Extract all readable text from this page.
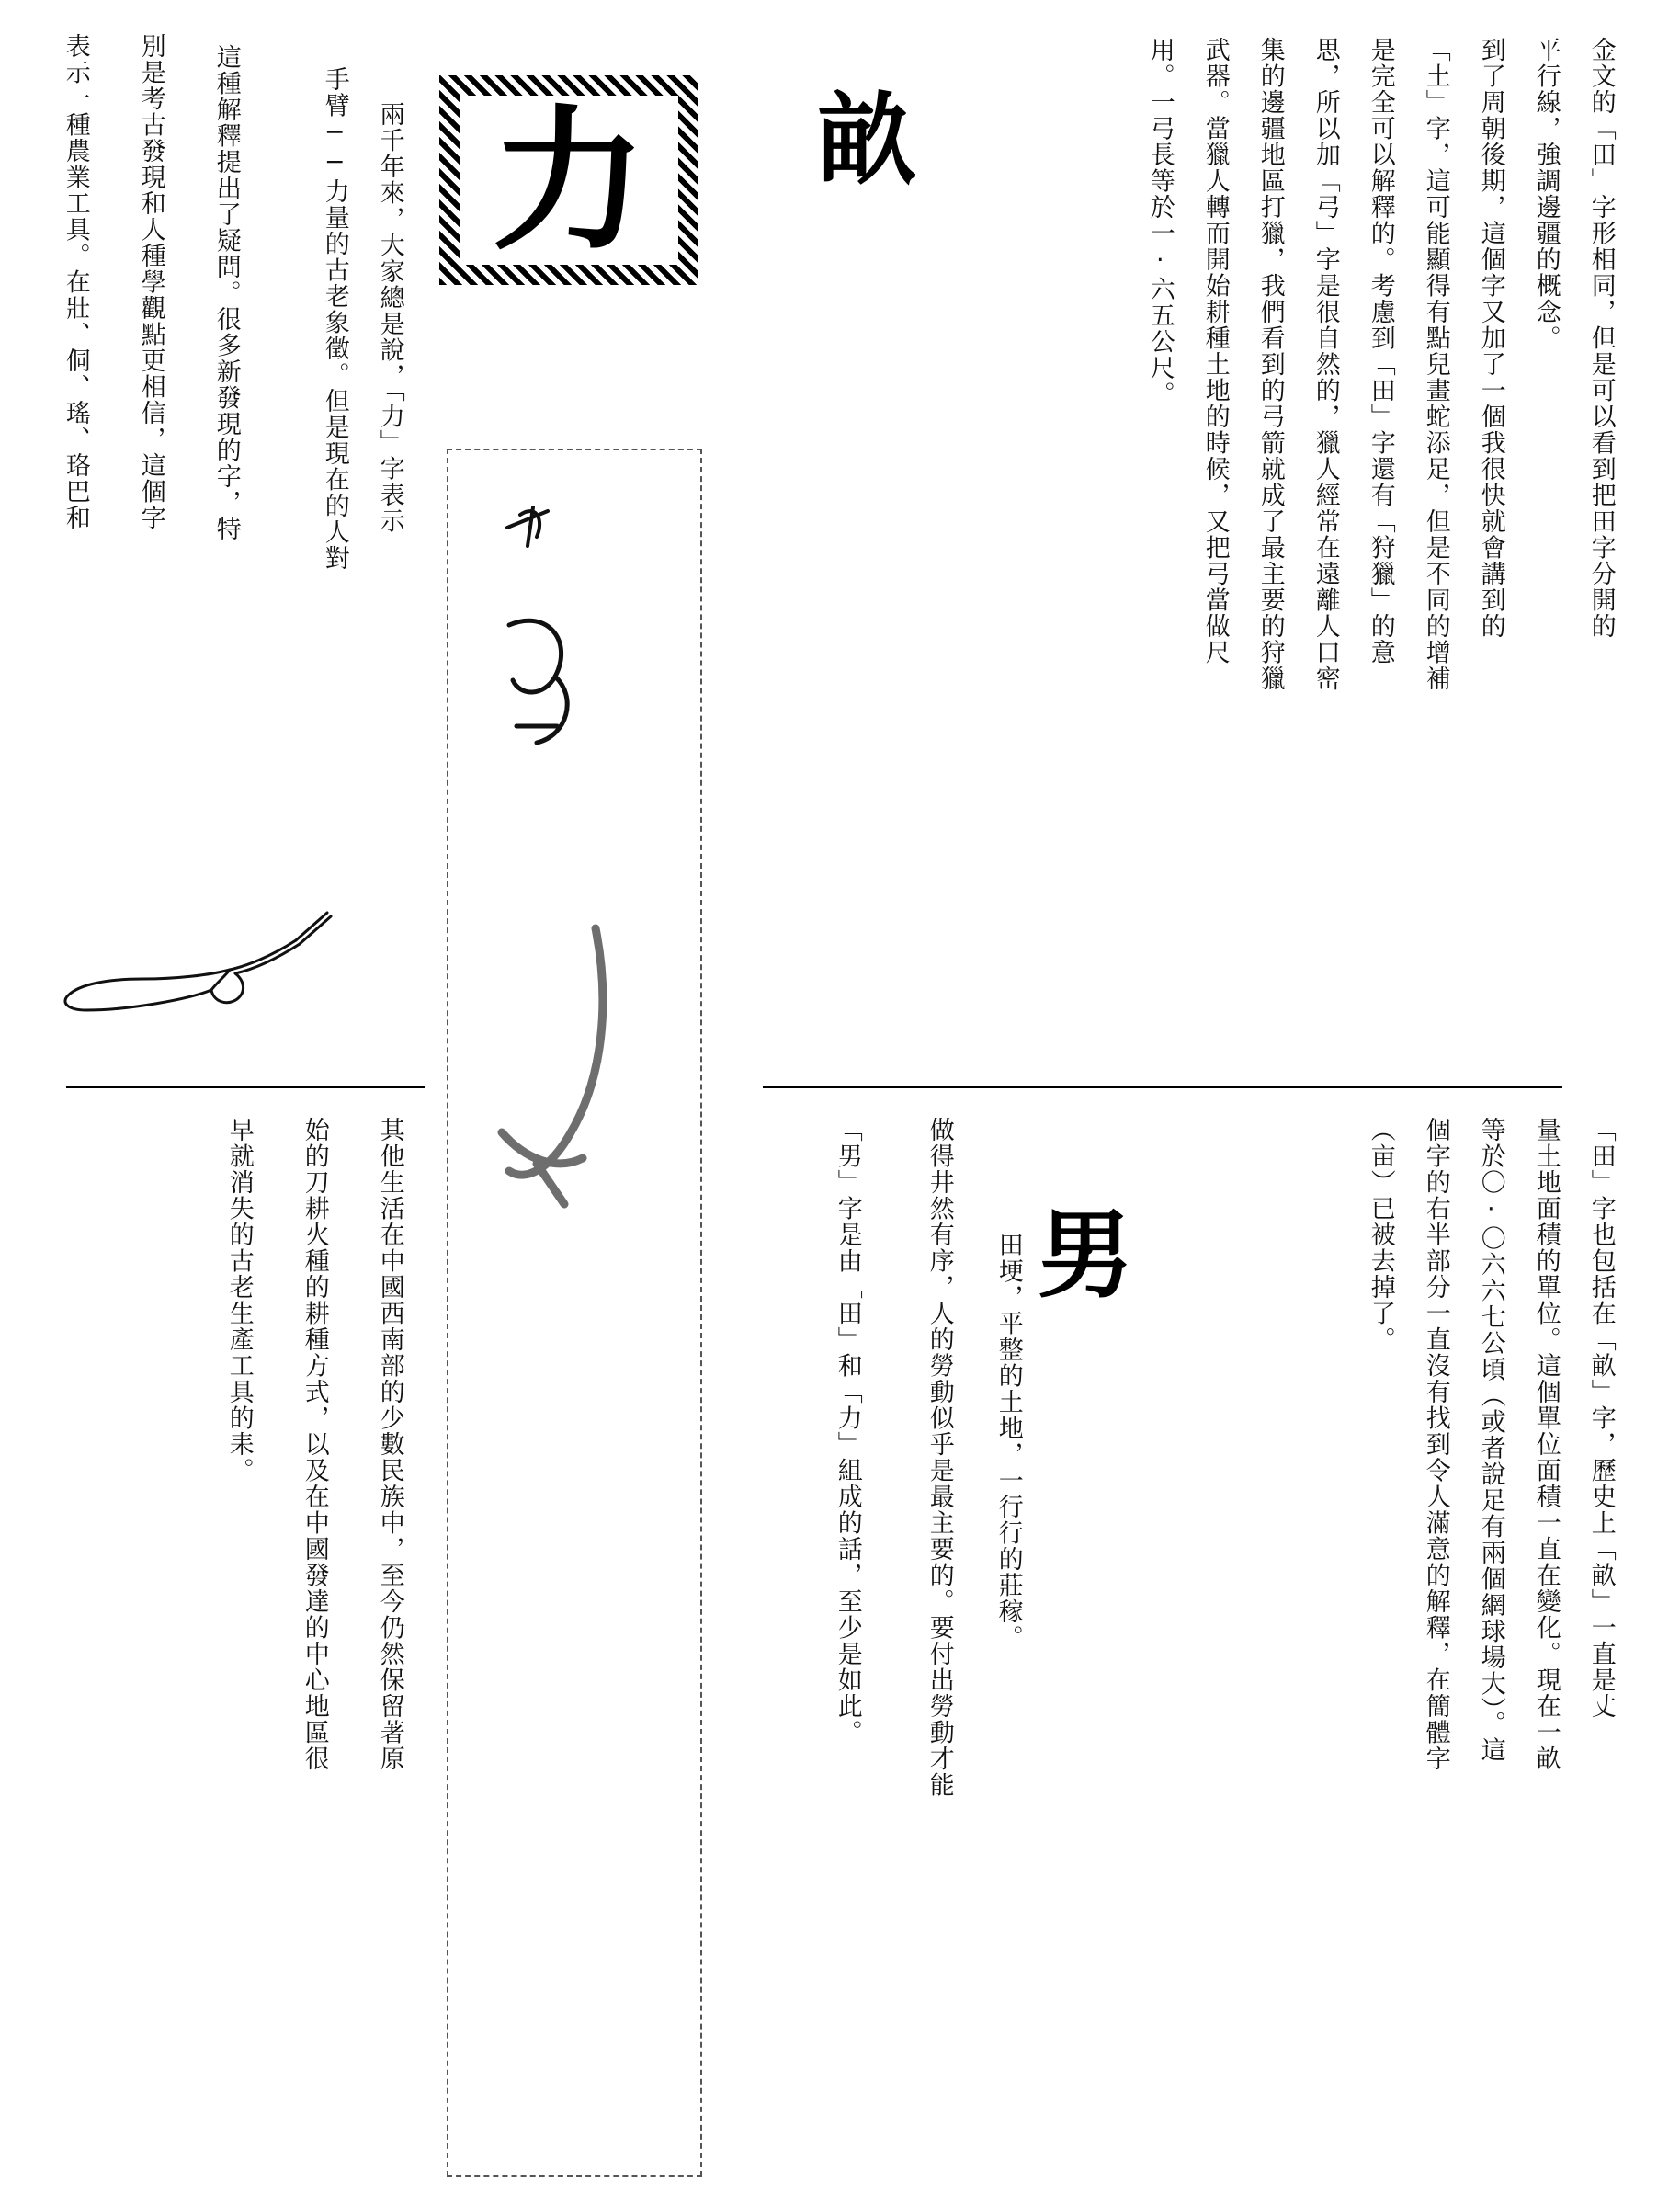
金文的「田」字形相同，但是可以看到把田字分開的
平行線，強調邊疆的概念。
到了周朝後期，這個字又加了一個我很快就會講到的
「土」字，這可能顯得有點兒畫蛇添足，但是不同的增補
是完全可以解釋的。考慮到「田」字還有「狩獵」的意
思，所以加「弓」字是很自然的，獵人經常在遠離人口密
集的邊疆地區打獵，我們看到的弓箭就成了最主要的狩獵
武器。當獵人轉而開始耕種土地的時候，又把弓當做尺
用。一弓長等於一‧六五公尺。
畝
「田」字也包括在「畝」字，歷史上「畝」一直是丈
量土地面積的單位。這個單位面積一直在變化。現在一畝
等於〇‧〇六六七公頃（或者說足有兩個網球場大）。這
個字的右半部分一直沒有找到令人滿意的解釋，在簡體字
（亩）已被去掉了。
男
「男」字是由「田」和「力」組成的話，至少是如此。	做得井然有序，人的勞動似乎是最主要的。要付出勞動才能 田埂，平整的土地，一行行的莊稼。
力
兩千年來，大家總是說，「力」字表示
手臂──力量的古老象徵。但是現在的人對
這種解釋提出了疑問。很多新發現的字，特
別是考古發現和人種學觀點更相信，這個字
表示一種農業工具。在壯、侗、瑤、珞巴和
其他生活在中國西南部的少數民族中，至今仍然保留著原
始的刀耕火種的耕種方式，以及在中國發達的中心地區很
早就消失的古老生產工具的耒。
